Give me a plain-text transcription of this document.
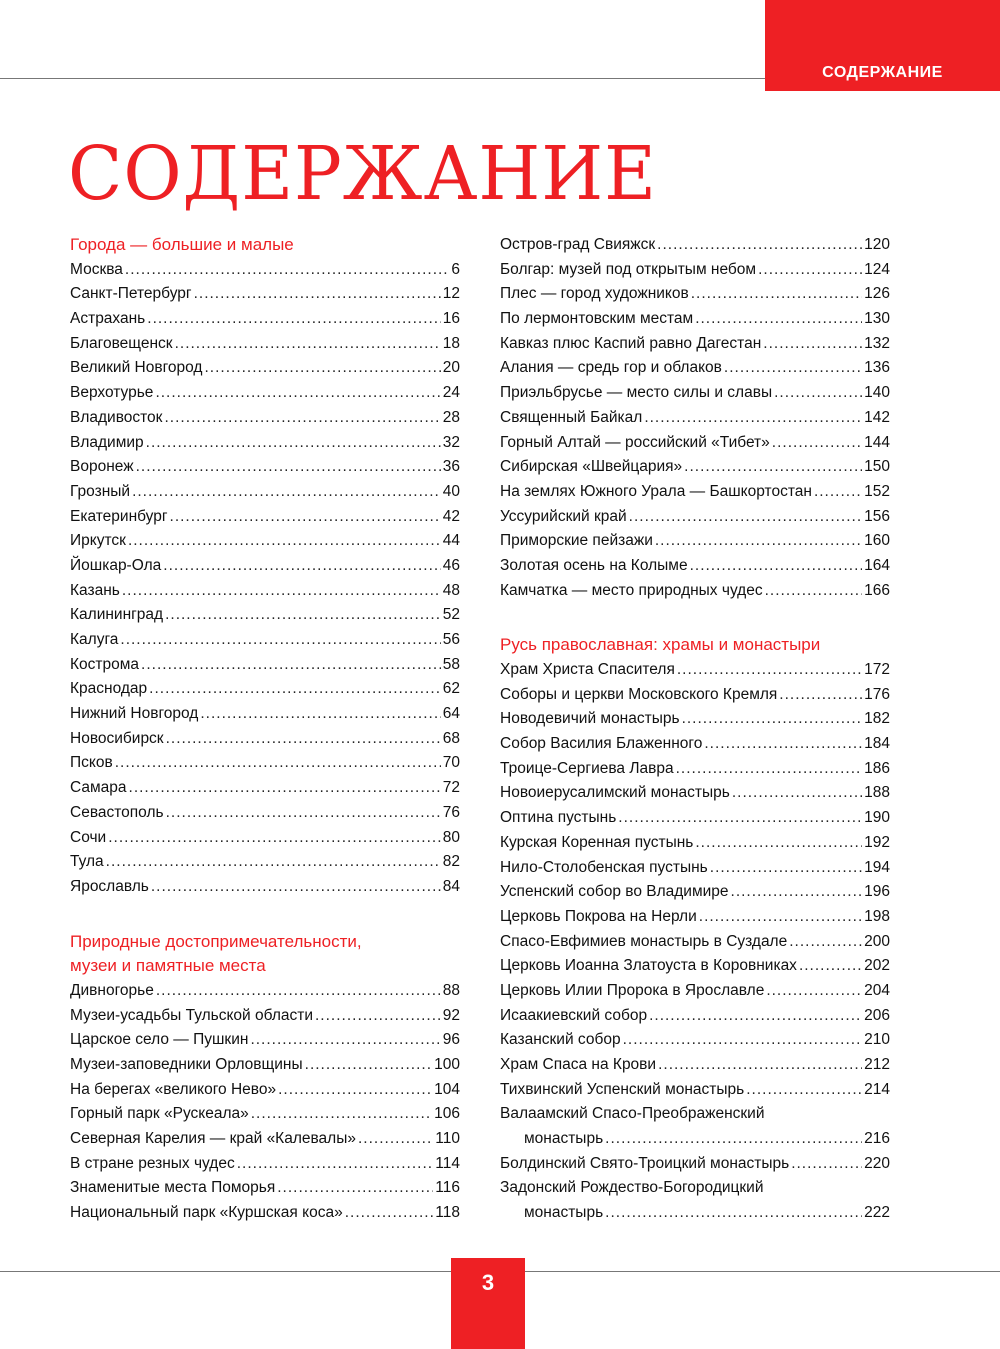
СОДЕРЖАНИЕ
СОДЕРЖАНИЕ
Города — большие и малые
Москва .....	6
Санкт-Петербург .....	12
Астрахань .....	16
Благовещенск .....	18
Великий Новгород .....	20
Верхотурье .....	24
Владивосток .....	28
Владимир .....	32
Воронеж .....	36
Грозный .....	40
Екатеринбург .....	42
Иркутск .....	44
Йошкар-Ола .....	46
Казань .....	48
Калининград .....	52
Калуга .....	56
Кострома .....	58
Краснодар .....	62
Нижний Новгород .....	64
Новосибирск .....	68
Псков .....	70
Самара .....	72
Севастополь .....	76
Сочи .....	80
Тула .....	82
Ярославль .....	84
Природные достопримечательности,
музеи и памятные места
Дивногорье .....	88
Музеи-усадьбы Тульской области .....	92
Царское село — Пушкин .....	96
Музеи-заповедники Орловщины .....	100
На берегах «великого Нево» .....	104
Горный парк «Рускеала» .....	106
Северная Карелия — край «Калевалы» .....	110
В стране резных чудес .....	114
Знаменитые места Поморья .....	116
Национальный парк «Куршская коса» .....	118
Остров-град Свияжск .....	120
Болгар: музей под открытым небом .....	124
Плес — город художников .....	126
По лермонтовским местам .....	130
Кавказ плюс Каспий равно Дагестан .....	132
Алания — средь гор и облаков .....	136
Приэльбрусье — место силы и славы .....	140
Священный Байкал .....	142
Горный Алтай — российский «Тибет» .....	144
Сибирская «Швейцария» .....	150
На землях Южного Урала — Башкортостан .....	152
Уссурийский край .....	156
Приморские пейзажи .....	160
Золотая осень на Колыме .....	164
Камчатка — место природных чудес .....	166
Русь православная: храмы и монастыри
Храм Христа Спасителя .....	172
Соборы и церкви Московского Кремля .....	176
Новодевичий монастырь .....	182
Собор Василия Блаженного .....	184
Троице-Сергиева Лавра .....	186
Новоиерусалимский монастырь .....	188
Оптина пустынь .....	190
Курская Коренная пустынь .....	192
Нило-Столобенская пустынь .....	194
Успенский собор во Владимире .....	196
Церковь Покрова на Нерли .....	198
Спасо-Евфимиев монастырь в Суздале .....	200
Церковь Иоанна Златоуста в Коровниках .....	202
Церковь Илии Пророка в Ярославле .....	204
Исаакиевский собор .....	206
Казанский собор .....	210
Храм Спаса на Крови .....	212
Тихвинский Успенский монастырь .....	214
Валаамский Спасо-Преображенский
монастырь .....	216
Болдинский Свято-Троицкий монастырь .....	220
Задонский Рождество-Богородицкий
монастырь .....	222
3
